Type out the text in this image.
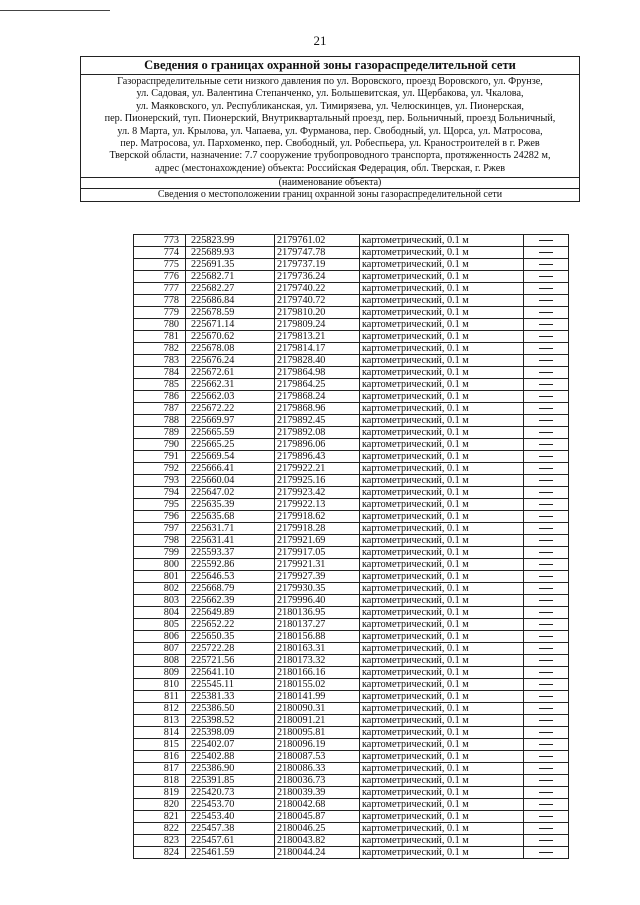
21
Сведения о границах охранной зоны газораспределительной сети
Газораспределительные сети низкого давления по ул. Воровского, проезд Воровского, ул. Фрунзе,
ул. Садовая, ул. Валентина Степанченко, ул. Большевитская, ул. Щербакова, ул. Чкалова,
ул. Маяковского, ул. Республиканская, ул. Тимирязева, ул. Челюскинцев, ул. Пионерская,
пер. Пионерский, туп. Пионерский, Внутриквартальный проезд, пер. Больничный, проезд Больничный,
ул. 8 Марта, ул. Крылова, ул. Чапаева, ул. Фурманова, пер. Свободный, ул. Щорса, ул. Матросова,
пер. Матросова, ул. Пархоменко, пер. Свободный, ул. Робеспьера, ул. Краностроителей в г. Ржев
Тверской области, назначение: 7.7 сооружение трубопроводного транспорта, протяженность 24282 м,
адрес (местонахождение) объекта: Российская Федерация, обл. Тверская, г. Ржев
(наименование объекта)
Сведения о местоположении границ охранной зоны газораспределительной сети
773	225823.99	2179761.02	картометрический, 0.1 м	
774	225689.93	2179747.78	картометрический, 0.1 м	
775	225691.35	2179737.19	картометрический, 0.1 м	
776	225682.71	2179736.24	картометрический, 0.1 м	
777	225682.27	2179740.22	картометрический, 0.1 м	
778	225686.84	2179740.72	картометрический, 0.1 м	
779	225678.59	2179810.20	картометрический, 0.1 м	
780	225671.14	2179809.24	картометрический, 0.1 м	
781	225670.62	2179813.21	картометрический, 0.1 м	
782	225678.08	2179814.17	картометрический, 0.1 м	
783	225676.24	2179828.40	картометрический, 0.1 м	
784	225672.61	2179864.98	картометрический, 0.1 м	
785	225662.31	2179864.25	картометрический, 0.1 м	
786	225662.03	2179868.24	картометрический, 0.1 м	
787	225672.22	2179868.96	картометрический, 0.1 м	
788	225669.97	2179892.45	картометрический, 0.1 м	
789	225665.59	2179892.08	картометрический, 0.1 м	
790	225665.25	2179896.06	картометрический, 0.1 м	
791	225669.54	2179896.43	картометрический, 0.1 м	
792	225666.41	2179922.21	картометрический, 0.1 м	
793	225660.04	2179925.16	картометрический, 0.1 м	
794	225647.02	2179923.42	картометрический, 0.1 м	
795	225635.39	2179922.13	картометрический, 0.1 м	
796	225635.68	2179918.62	картометрический, 0.1 м	
797	225631.71	2179918.28	картометрический, 0.1 м	
798	225631.41	2179921.69	картометрический, 0.1 м	
799	225593.37	2179917.05	картометрический, 0.1 м	
800	225592.86	2179921.31	картометрический, 0.1 м	
801	225646.53	2179927.39	картометрический, 0.1 м	
802	225668.79	2179930.35	картометрический, 0.1 м	
803	225662.39	2179996.40	картометрический, 0.1 м	
804	225649.89	2180136.95	картометрический, 0.1 м	
805	225652.22	2180137.27	картометрический, 0.1 м	
806	225650.35	2180156.88	картометрический, 0.1 м	
807	225722.28	2180163.31	картометрический, 0.1 м	
808	225721.56	2180173.32	картометрический, 0.1 м	
809	225641.10	2180166.16	картометрический, 0.1 м	
810	225545.11	2180155.02	картометрический, 0.1 м	
811	225381.33	2180141.99	картометрический, 0.1 м	
812	225386.50	2180090.31	картометрический, 0.1 м	
813	225398.52	2180091.21	картометрический, 0.1 м	
814	225398.09	2180095.81	картометрический, 0.1 м	
815	225402.07	2180096.19	картометрический, 0.1 м	
816	225402.88	2180087.53	картометрический, 0.1 м	
817	225386.90	2180086.33	картометрический, 0.1 м	
818	225391.85	2180036.73	картометрический, 0.1 м	
819	225420.73	2180039.39	картометрический, 0.1 м	
820	225453.70	2180042.68	картометрический, 0.1 м	
821	225453.40	2180045.87	картометрический, 0.1 м	
822	225457.38	2180046.25	картометрический, 0.1 м	
823	225457.61	2180043.82	картометрический, 0.1 м	
824	225461.59	2180044.24	картометрический, 0.1 м	
